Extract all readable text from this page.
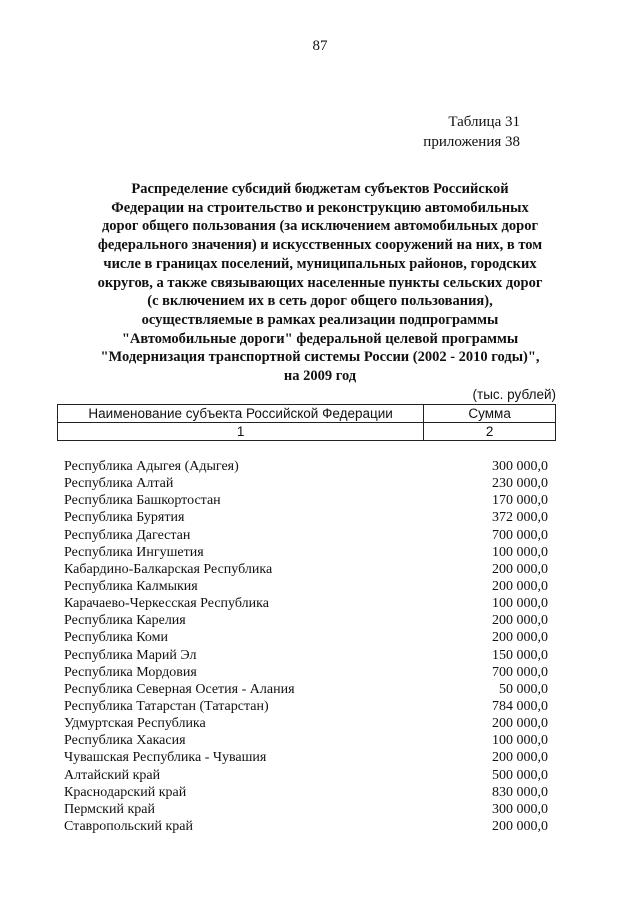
87
Таблица 31
приложения 38
Распределение субсидий бюджетам субъектов Российской
Федерации на строительство и реконструкцию автомобильных
дорог общего пользования (за исключением автомобильных дорог
федерального значения) и искусственных сооружений на них, в том
числе в границах поселений, муниципальных районов, городских
округов, а также связывающих населенные пункты сельских дорог
(с включением их в сеть дорог общего пользования),
осуществляемые в рамках реализации подпрограммы
"Автомобильные дороги" федеральной целевой программы
"Модернизация транспортной системы России (2002 - 2010 годы)",
на 2009 год
(тыс. рублей)
Наименование субъекта Российской Федерации	Сумма
1	2
Республика Адыгея (Адыгея)	300 000,0
Республика Алтай	230 000,0
Республика Башкортостан	170 000,0
Республика Бурятия	372 000,0
Республика Дагестан	700 000,0
Республика Ингушетия	100 000,0
Кабардино-Балкарская Республика	200 000,0
Республика Калмыкия	200 000,0
Карачаево-Черкесская Республика	100 000,0
Республика Карелия	200 000,0
Республика Коми	200 000,0
Республика Марий Эл	150 000,0
Республика Мордовия	700 000,0
Республика Северная Осетия - Алания	50 000,0
Республика Татарстан (Татарстан)	784 000,0
Удмуртская Республика	200 000,0
Республика Хакасия	100 000,0
Чувашская Республика - Чувашия	200 000,0
Алтайский край	500 000,0
Краснодарский край	830 000,0
Пермский край	300 000,0
Ставропольский край	200 000,0
